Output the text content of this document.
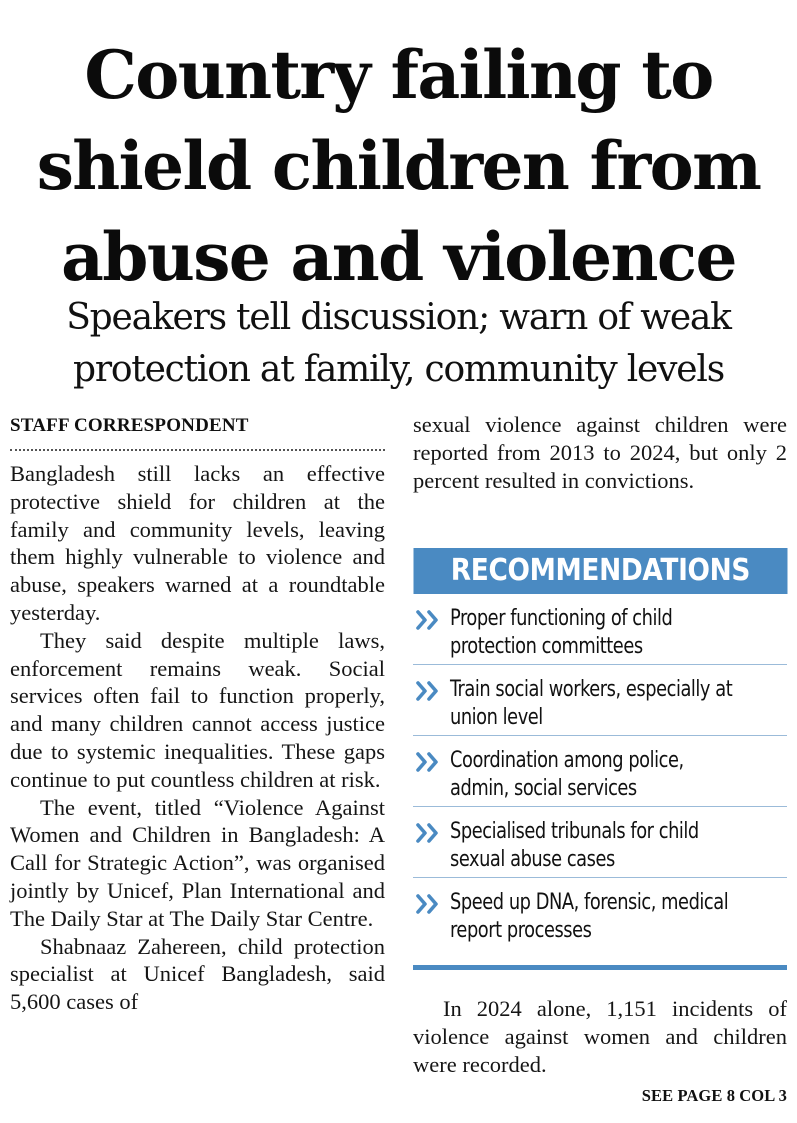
Country failing to
shield children from
abuse and violence
Speakers tell discussion; warn of weak
protection at family, community levels
STAFF CORRESPONDENT

Bangladesh still lacks an effective protective shield for children at the family and community levels, leaving them highly vulnerable to violence and abuse, speakers warned at a roundtable yesterday.

They said despite multiple laws, enforcement remains weak. Social services often fail to function properly, and many children cannot access justice due to systemic inequalities. These gaps continue to put countless children at risk.

The event, titled “Violence Against Women and Children in Bangladesh: A Call for Strategic Action”, was organised jointly by Unicef, Plan International and The Daily Star at The Daily Star Centre.

Shabnaaz Zahereen, child protection specialist at Unicef Bangladesh, said 5,600 cases of

sexual violence against children were reported from 2013 to 2024, but only 2 percent resulted in convictions.

RECOMMENDATIONS
Proper functioning of child
protection committees
Train social workers, especially at
union level
Coordination among police,
admin, social services
Specialised tribunals for child
sexual abuse cases
Speed up DNA, forensic, medical
report processes

In 2024 alone, 1,151 incidents of violence against women and children were recorded.

SEE PAGE 8 COL 3
